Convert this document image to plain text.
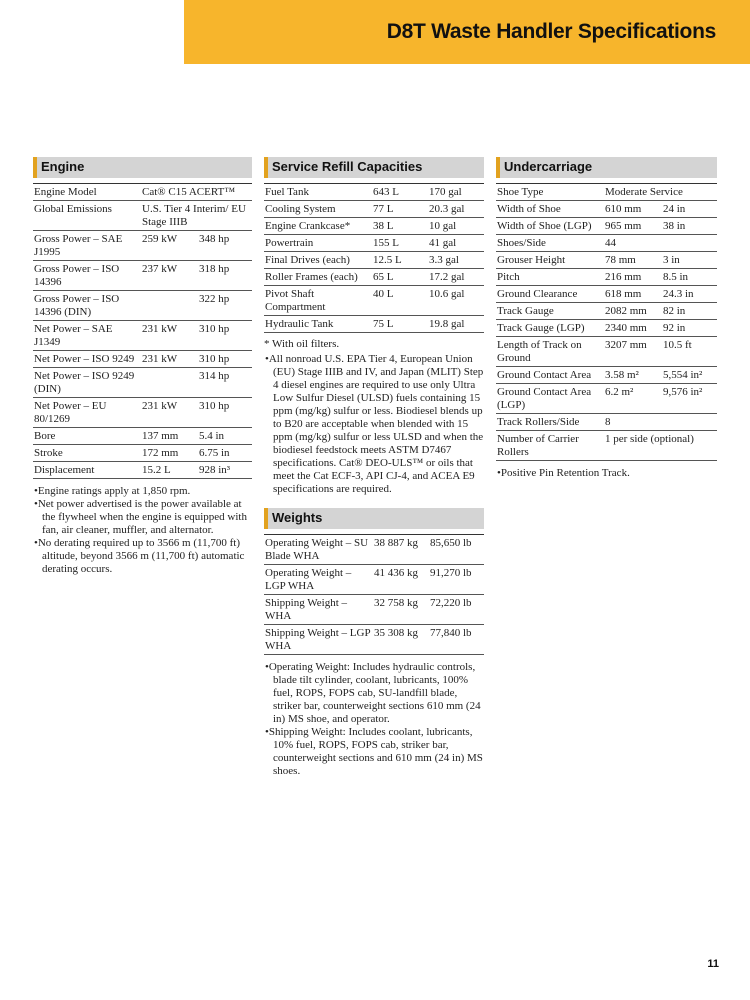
D8T Waste Handler Specifications
Engine
Engine Model	Cat® C15 ACERT™	
Global Emissions	U.S. Tier 4 Interim/ EU Stage IIIB	
Gross Power – SAE J1995	259 kW	348 hp
Gross Power – ISO 14396	237 kW	318 hp
Gross Power – ISO 14396 (DIN)		322 hp
Net Power – SAE J1349	231 kW	310 hp
Net Power – ISO 9249	231 kW	310 hp
Net Power – ISO 9249 (DIN)		314 hp
Net Power – EU 80/1269	231 kW	310 hp
Bore	137 mm	5.4 in
Stroke	172 mm	6.75 in
Displacement	15.2 L	928 in³
• Engine ratings apply at 1,850 rpm.
• Net power advertised is the power available at the flywheel when the engine is equipped with fan, air cleaner, muffler, and alternator.
• No derating required up to 3566 m (11,700 ft) altitude, beyond 3566 m (11,700 ft) automatic derating occurs.
Service Refill Capacities
Fuel Tank	643 L	170 gal
Cooling System	77 L	20.3 gal
Engine Crankcase*	38 L	10 gal
Powertrain	155 L	41 gal
Final Drives (each)	12.5 L	3.3 gal
Roller Frames (each)	65 L	17.2 gal
Pivot Shaft Compartment	40 L	10.6 gal
Hydraulic Tank	75 L	19.8 gal
* With oil filters.
• All nonroad U.S. EPA Tier 4, European Union (EU) Stage IIIB and IV, and Japan (MLIT) Step 4 diesel engines are required to use only Ultra Low Sulfur Diesel (ULSD) fuels containing 15 ppm (mg/kg) sulfur or less. Biodiesel blends up to B20 are acceptable when blended with 15 ppm (mg/kg) sulfur or less ULSD and when the biodiesel feedstock meets ASTM D7467 specifications. Cat® DEO-ULS™ or oils that meet the Cat ECF-3, API CJ-4, and ACEA E9 specifications are required.
Weights
Operating Weight – SU Blade WHA	38 887 kg	85,650 lb
Operating Weight – LGP WHA	41 436 kg	91,270 lb
Shipping Weight – WHA	32 758 kg	72,220 lb
Shipping Weight – LGP WHA	35 308 kg	77,840 lb
• Operating Weight: Includes hydraulic controls, blade tilt cylinder, coolant, lubricants, 100% fuel, ROPS, FOPS cab, SU-landfill blade, striker bar, counterweight sections 610 mm (24 in) MS shoe, and operator.
• Shipping Weight: Includes coolant, lubricants, 10% fuel, ROPS, FOPS cab, striker bar, counterweight sections and 610 mm (24 in) MS shoes.
Undercarriage
Shoe Type	Moderate Service	
Width of Shoe	610 mm	24 in
Width of Shoe (LGP)	965 mm	38 in
Shoes/Side	44	
Grouser Height	78 mm	3 in
Pitch	216 mm	8.5 in
Ground Clearance	618 mm	24.3 in
Track Gauge	2082 mm	82 in
Track Gauge (LGP)	2340 mm	92 in
Length of Track on Ground	3207 mm	10.5 ft
Ground Contact Area	3.58 m²	5,554 in²
Ground Contact Area (LGP)	6.2 m²	9,576 in²
Track Rollers/Side	8	
Number of Carrier Rollers	1 per side (optional)	
• Positive Pin Retention Track.
11
